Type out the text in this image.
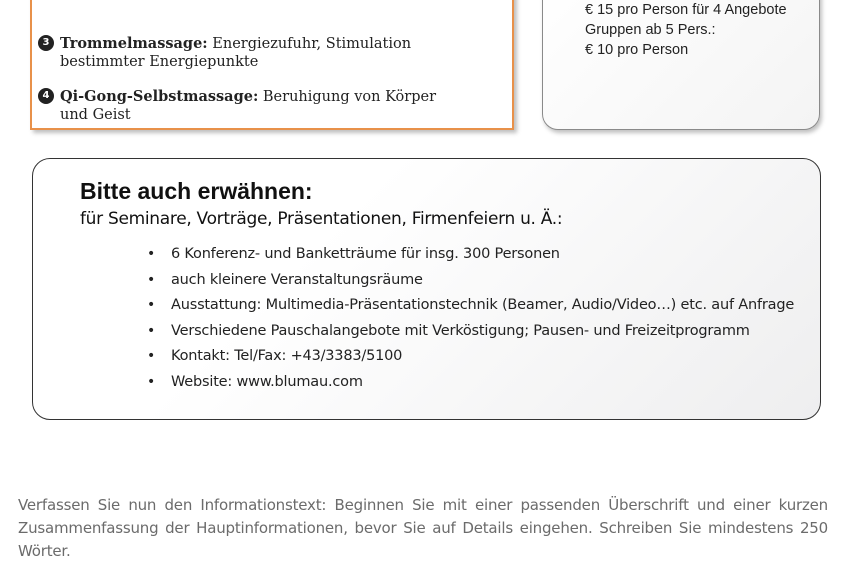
3 Trommelmassage: Energiezufuhr, Stimulation bestimmter Energiepunkte
4 Qi-Gong-Selbstmassage: Beruhigung von Körper und Geist
€ 15 pro Person für 4 Angebote
Gruppen ab 5 Pers.:
€ 10 pro Person
Bitte auch erwähnen:
für Seminare, Vorträge, Präsentationen, Firmenfeiern u. Ä.:
• 6 Konferenz- und Banketträume für insg. 300 Personen
• auch kleinere Veranstaltungsräume
• Ausstattung: Multimedia-Präsentationstechnik (Beamer, Audio/Video…) etc. auf Anfrage
• Verschiedene Pauschalangebote mit Verköstigung; Pausen- und Freizeitprogramm
• Kontakt: Tel/Fax: +43/3383/5100
• Website: www.blumau.com
Verfassen Sie nun den Informationstext: Beginnen Sie mit einer passenden Überschrift und einer kurzen Zusammenfassung der Hauptinformationen, bevor Sie auf Details eingehen. Schreiben Sie mindestens 250 Wörter.
